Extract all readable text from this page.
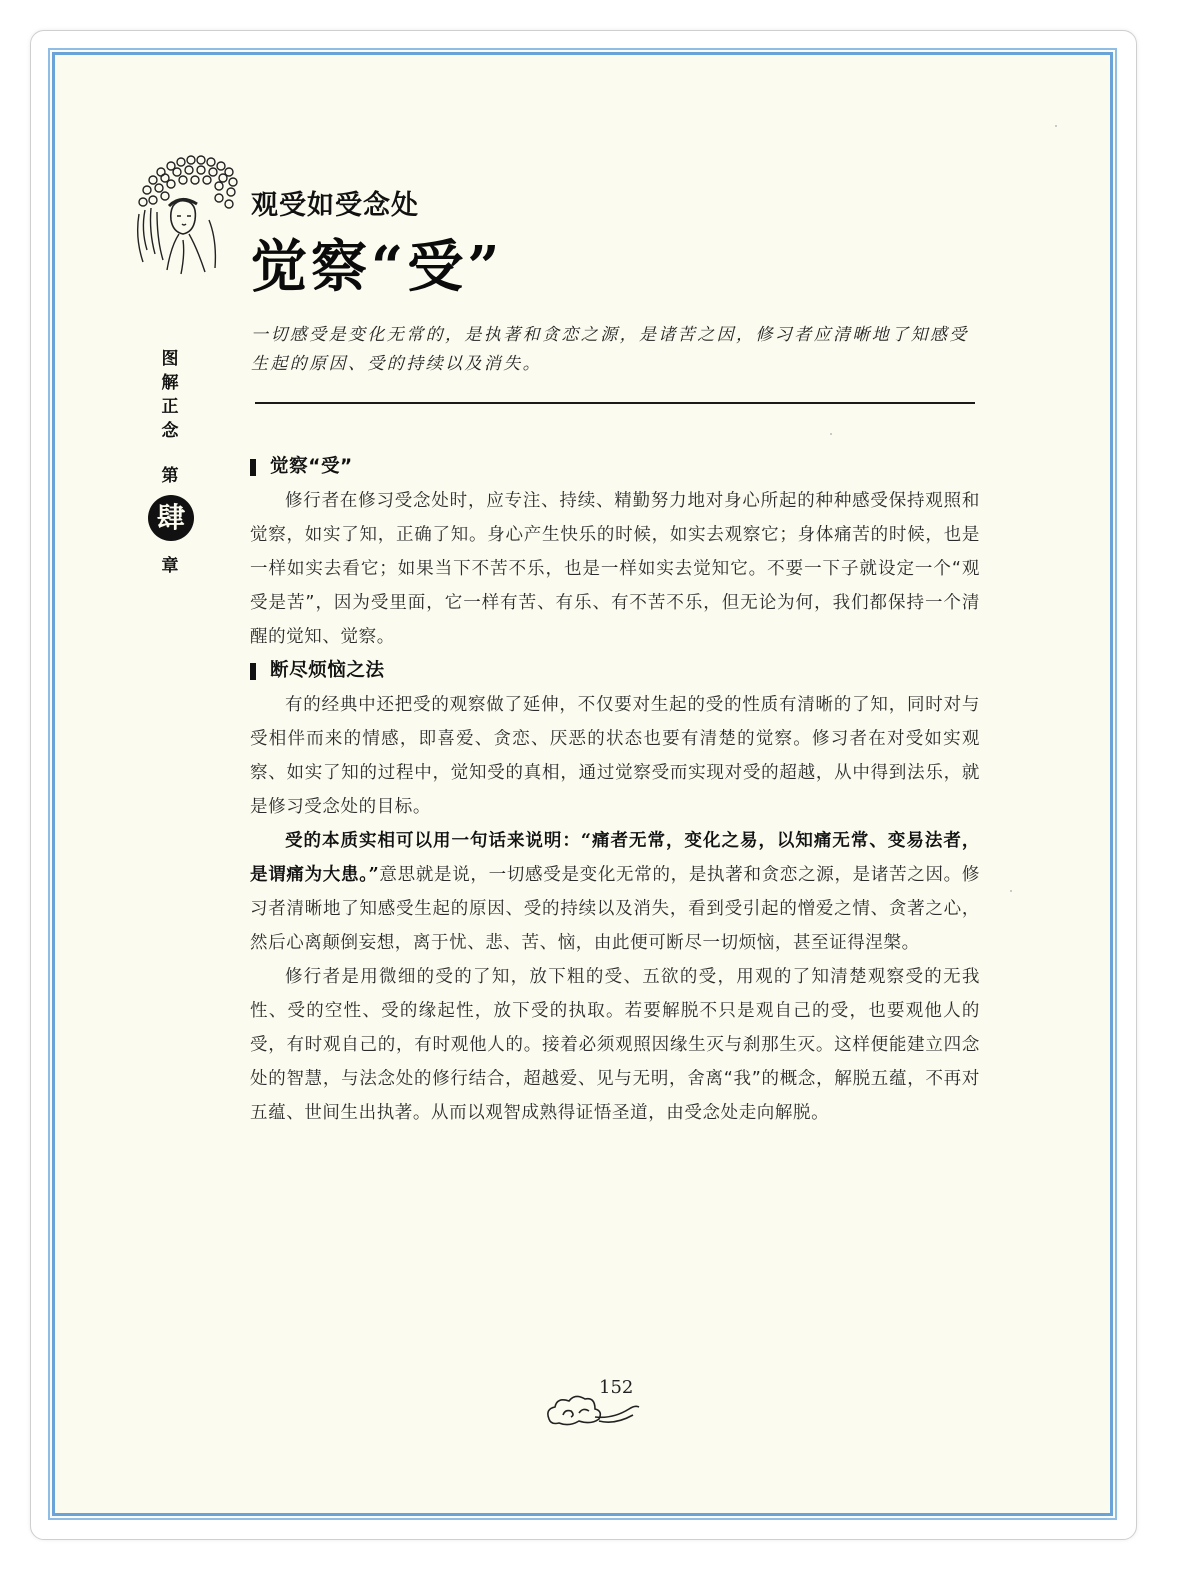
观受如受念处
觉察“受”

一切感受是变化无常的，是执著和贪恋之源，是诸苦之因，修习者应清晰地了知感受生起的原因、受的持续以及消失。

图
解
正
念
第
肆
章
觉察“受”

修行者在修习受念处时，应专注、持续、精勤努力地对身心所起的种种感受保持观照和觉察，如实了知，正确了知。身心产生快乐的时候，如实去观察它；身体痛苦的时候，也是一样如实去看它；如果当下不苦不乐，也是一样如实去觉知它。不要一下子就设定一个“观受是苦”，因为受里面，它一样有苦、有乐、有不苦不乐，但无论为何，我们都保持一个清醒的觉知、觉察。

断尽烦恼之法

有的经典中还把受的观察做了延伸，不仅要对生起的受的性质有清晰的了知，同时对与受相伴而来的情感，即喜爱、贪恋、厌恶的状态也要有清楚的觉察。修习者在对受如实观察、如实了知的过程中，觉知受的真相，通过觉察受而实现对受的超越，从中得到法乐，就是修习受念处的目标。

受的本质实相可以用一句话来说明：“痛者无常，变化之易，以知痛无常、变易法者，是谓痛为大患。”意思就是说，一切感受是变化无常的，是执著和贪恋之源，是诸苦之因。修习者清晰地了知感受生起的原因、受的持续以及消失，看到受引起的憎爱之情、贪著之心，然后心离颠倒妄想，离于忧、悲、苦、恼，由此便可断尽一切烦恼，甚至证得涅槃。

修行者是用微细的受的了知，放下粗的受、五欲的受，用观的了知清楚观察受的无我性、受的空性、受的缘起性，放下受的执取。若要解脱不只是观自己的受，也要观他人的受，有时观自己的，有时观他人的。接着必须观照因缘生灭与刹那生灭。这样便能建立四念处的智慧，与法念处的修行结合，超越爱、见与无明，舍离“我”的概念，解脱五蕴，不再对五蕴、世间生出执著。从而以观智成熟得证悟圣道，由受念处走向解脱。

152
